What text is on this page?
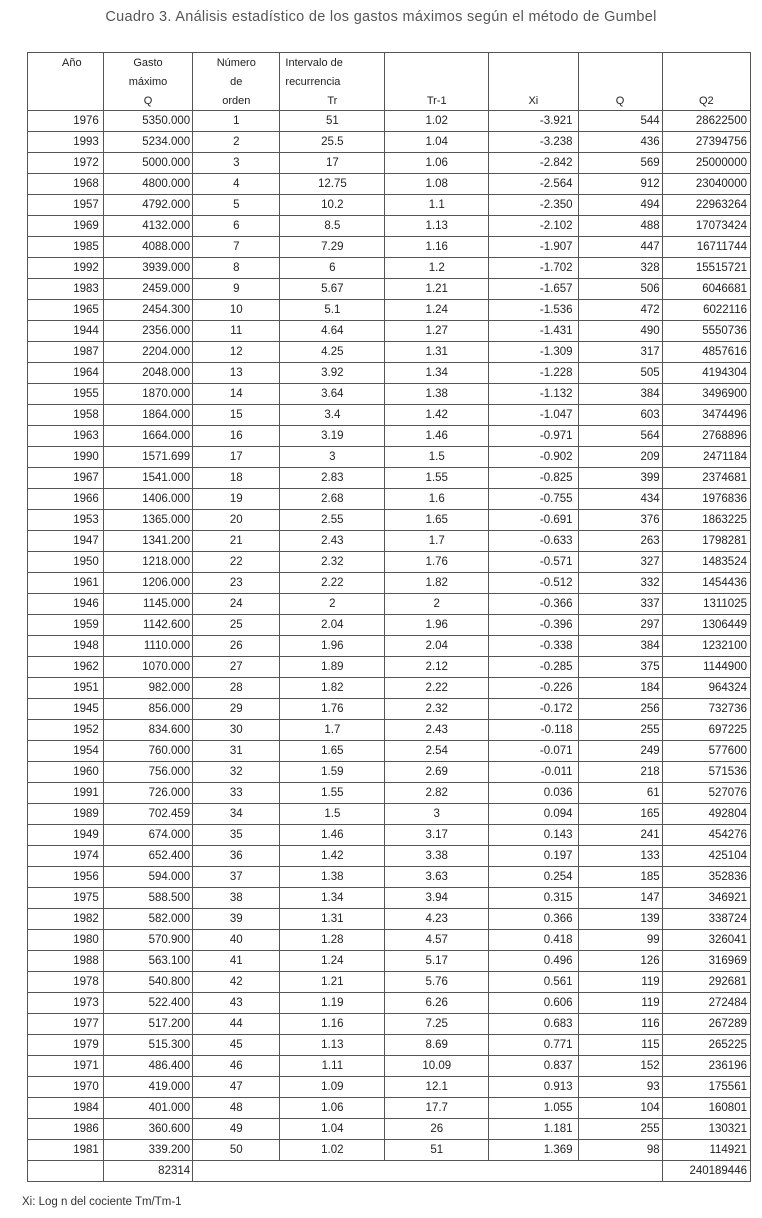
Cuadro 3. Análisis estadístico de los gastos máximos según el método de Gumbel
Año	Gasto	Número	Intervalo de				
	máximo	de	recurrencia				
	Q	orden	Tr	Tr-1	Xi	Q	Q2
1976	5350.000	1	51	1.02	-3.921	544	28622500
1993	5234.000	2	25.5	1.04	-3.238	436	27394756
1972	5000.000	3	17	1.06	-2.842	569	25000000
1968	4800.000	4	12.75	1.08	-2.564	912	23040000
1957	4792.000	5	10.2	1.1	-2.350	494	22963264
1969	4132.000	6	8.5	1.13	-2.102	488	17073424
1985	4088.000	7	7.29	1.16	-1.907	447	16711744
1992	3939.000	8	6	1.2	-1.702	328	15515721
1983	2459.000	9	5.67	1.21	-1.657	506	6046681
1965	2454.300	10	5.1	1.24	-1.536	472	6022116
1944	2356.000	11	4.64	1.27	-1.431	490	5550736
1987	2204.000	12	4.25	1.31	-1.309	317	4857616
1964	2048.000	13	3.92	1.34	-1.228	505	4194304
1955	1870.000	14	3.64	1.38	-1.132	384	3496900
1958	1864.000	15	3.4	1.42	-1.047	603	3474496
1963	1664.000	16	3.19	1.46	-0.971	564	2768896
1990	1571.699	17	3	1.5	-0.902	209	2471184
1967	1541.000	18	2.83	1.55	-0.825	399	2374681
1966	1406.000	19	2.68	1.6	-0.755	434	1976836
1953	1365.000	20	2.55	1.65	-0.691	376	1863225
1947	1341.200	21	2.43	1.7	-0.633	263	1798281
1950	1218.000	22	2.32	1.76	-0.571	327	1483524
1961	1206.000	23	2.22	1.82	-0.512	332	1454436
1946	1145.000	24	2	2	-0.366	337	1311025
1959	1142.600	25	2.04	1.96	-0.396	297	1306449
1948	1110.000	26	1.96	2.04	-0.338	384	1232100
1962	1070.000	27	1.89	2.12	-0.285	375	1144900
1951	982.000	28	1.82	2.22	-0.226	184	964324
1945	856.000	29	1.76	2.32	-0.172	256	732736
1952	834.600	30	1.7	2.43	-0.118	255	697225
1954	760.000	31	1.65	2.54	-0.071	249	577600
1960	756.000	32	1.59	2.69	-0.011	218	571536
1991	726.000	33	1.55	2.82	0.036	61	527076
1989	702.459	34	1.5	3	0.094	165	492804
1949	674.000	35	1.46	3.17	0.143	241	454276
1974	652.400	36	1.42	3.38	0.197	133	425104
1956	594.000	37	1.38	3.63	0.254	185	352836
1975	588.500	38	1.34	3.94	0.315	147	346921
1982	582.000	39	1.31	4.23	0.366	139	338724
1980	570.900	40	1.28	4.57	0.418	99	326041
1988	563.100	41	1.24	5.17	0.496	126	316969
1978	540.800	42	1.21	5.76	0.561	119	292681
1973	522.400	43	1.19	6.26	0.606	119	272484
1977	517.200	44	1.16	7.25	0.683	116	267289
1979	515.300	45	1.13	8.69	0.771	115	265225
1971	486.400	46	1.11	10.09	0.837	152	236196
1970	419.000	47	1.09	12.1	0.913	93	175561
1984	401.000	48	1.06	17.7	1.055	104	160801
1986	360.600	49	1.04	26	1.181	255	130321
1981	339.200	50	1.02	51	1.369	98	114921
	82314						240189446
Xi: Log n del cociente Tm/Tm-1
